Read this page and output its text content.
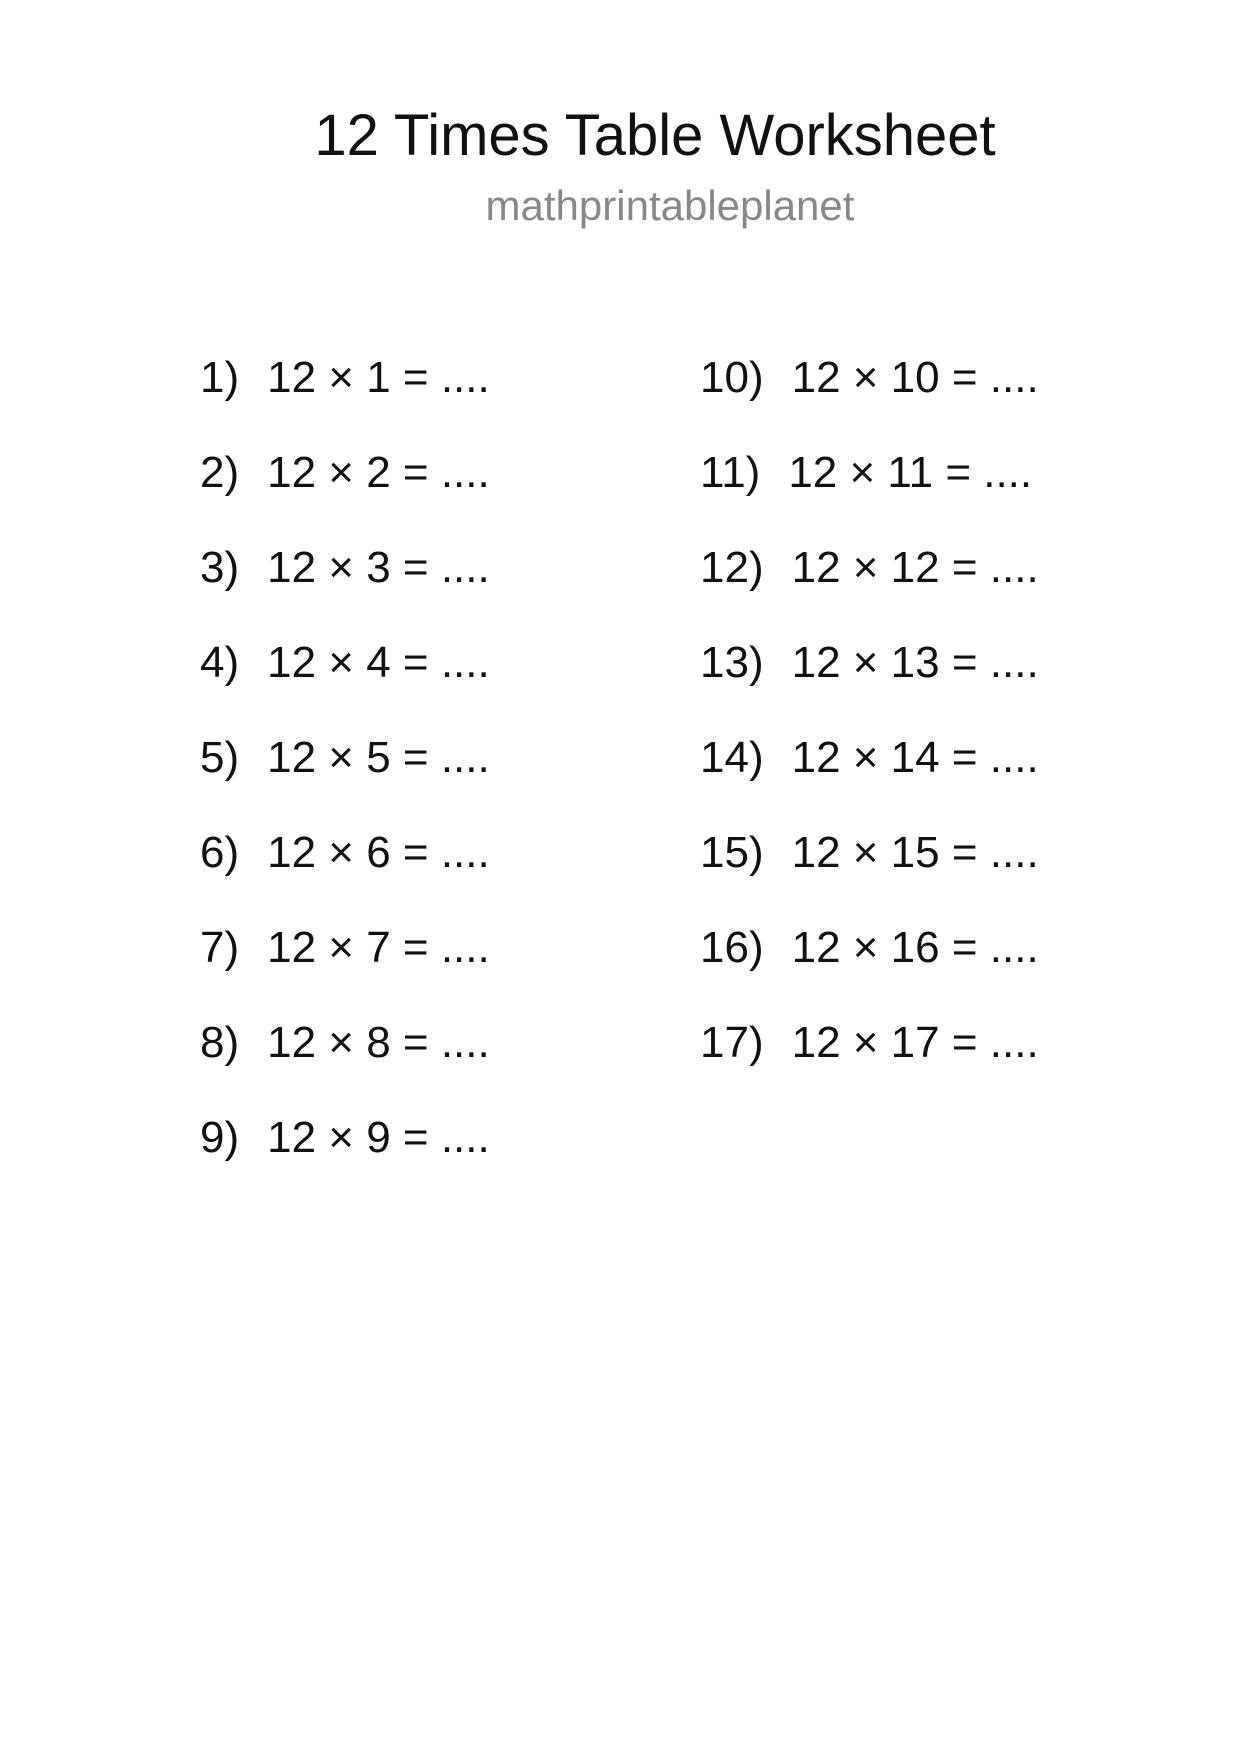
12 Times Table Worksheet
mathprintableplanet
1) 12 × 1 = ....
2) 12 × 2 = ....
3) 12 × 3 = ....
4) 12 × 4 = ....
5) 12 × 5 = ....
6) 12 × 6 = ....
7) 12 × 7 = ....
8) 12 × 8 = ....
9) 12 × 9 = ....
10) 12 × 10 = ....
11) 12 × 11 = ....
12) 12 × 12 = ....
13) 12 × 13 = ....
14) 12 × 14 = ....
15) 12 × 15 = ....
16) 12 × 16 = ....
17) 12 × 17 = ....
